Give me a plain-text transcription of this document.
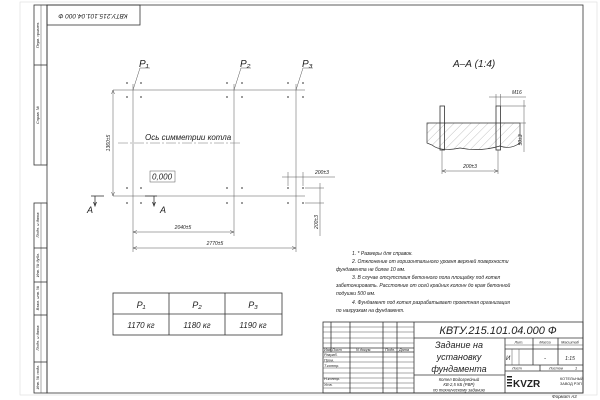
КВТУ.215.101.04.000 Ф
Перв. примен.
Справ. №
Подп. и дата
Инв. № дубл.
Взам. инв. №
Подп. и дата
Инв. № подл.
P₁	P₂	P₃
Ось симметрии котла
0,000
1360±5
2040±5
2770±5
200±3
200±3
А	А
А–А (1:4)
М16
50±3
200±3
1. * Размеры для справок.
2. Отклонение от горизонтального уровня верхней поверхности
фундамента не более 10 мм.
3. В случае отсутствия бетонного пола площадку под котел
забетонировать. Расстояние от осей крайних колонн до края бетонной
подушки 500 мм.
4. Фундамент под котел разрабатывает проектная организация
по нагрузкам на фундамент.
P₁	P₂	P₃
1170 кг	1180 кг	1190 кг	КВТУ.215.101.04.000 Ф
Задание на
установку
фундамента
Котел Водогрейный
КВ-2,5 КБ (РВР)
по техническому заданию
Изм. Лист	N докум.	Подп. Дата
Разраб.
Пров.
Т.контр.
Н.контр.
Утв.
Лит.	Масса	Масштаб
И	-	1:15
Лист	Листов	1
KVZR	КОТЕЛЬНЫЙ
ЗАВОД РЭП
Формат А3
